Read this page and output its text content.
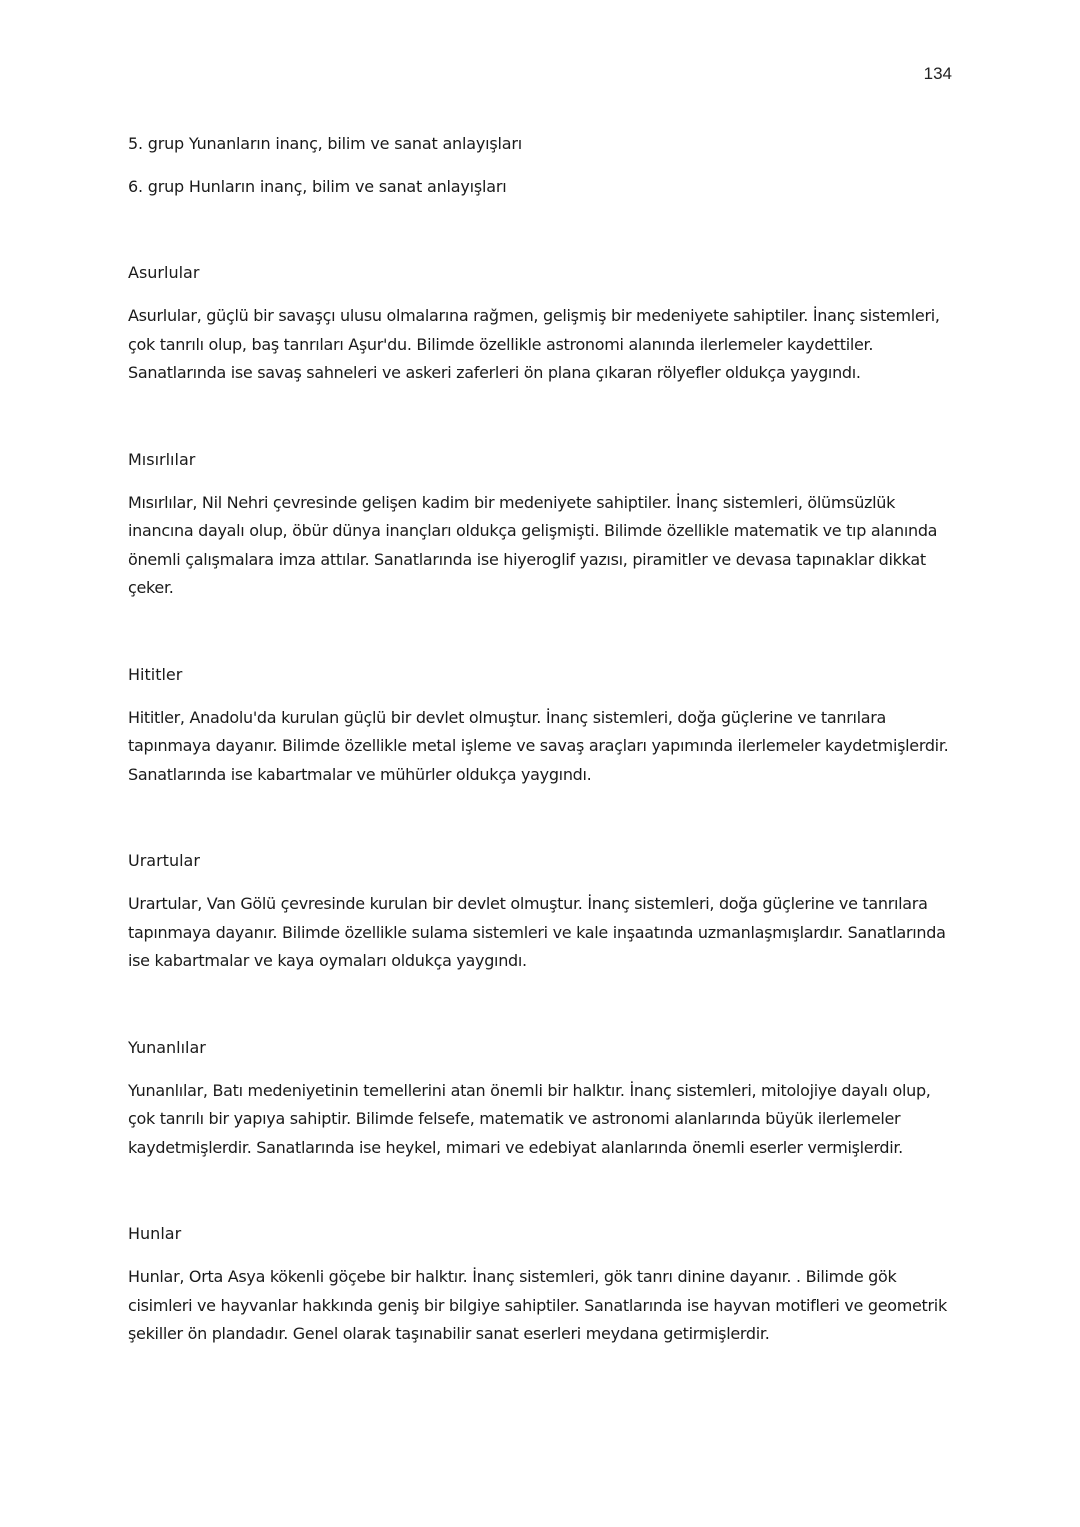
134

5. grup Yunanların inanç, bilim ve sanat anlayışları

6. grup Hunların inanç, bilim ve sanat anlayışları

Asurlular

Asurlular, güçlü bir savaşçı ulusu olmalarına rağmen, gelişmiş bir medeniyete sahiptiler. İnanç sistemleri, çok tanrılı olup, baş tanrıları Aşur'du. Bilimde özellikle astronomi alanında ilerlemeler kaydettiler. Sanatlarında ise savaş sahneleri ve askeri zaferleri ön plana çıkaran rölyefler oldukça yaygındı.

Mısırlılar

Mısırlılar, Nil Nehri çevresinde gelişen kadim bir medeniyete sahiptiler. İnanç sistemleri, ölümsüzlük inancına dayalı olup, öbür dünya inançları oldukça gelişmişti. Bilimde özellikle matematik ve tıp alanında önemli çalışmalara imza attılar. Sanatlarında ise hiyeroglif yazısı, piramitler ve devasa tapınaklar dikkat çeker.

Hititler

Hititler, Anadolu'da kurulan güçlü bir devlet olmuştur. İnanç sistemleri, doğa güçlerine ve tanrılara tapınmaya dayanır. Bilimde özellikle metal işleme ve savaş araçları yapımında ilerlemeler kaydetmişlerdir. Sanatlarında ise kabartmalar ve mühürler oldukça yaygındı.

Urartular

Urartular, Van Gölü çevresinde kurulan bir devlet olmuştur. İnanç sistemleri, doğa güçlerine ve tanrılara tapınmaya dayanır. Bilimde özellikle sulama sistemleri ve kale inşaatında uzmanlaşmışlardır. Sanatlarında ise kabartmalar ve kaya oymaları oldukça yaygındı.

Yunanlılar

Yunanlılar, Batı medeniyetinin temellerini atan önemli bir halktır. İnanç sistemleri, mitolojiye dayalı olup, çok tanrılı bir yapıya sahiptir. Bilimde felsefe, matematik ve astronomi alanlarında büyük ilerlemeler kaydetmişlerdir. Sanatlarında ise heykel, mimari ve edebiyat alanlarında önemli eserler vermişlerdir.

Hunlar

Hunlar, Orta Asya kökenli göçebe bir halktır. İnanç sistemleri, gök tanrı dinine dayanır. . Bilimde gök cisimleri ve hayvanlar hakkında geniş bir bilgiye sahiptiler. Sanatlarında ise hayvan motifleri ve geometrik şekiller ön plandadır. Genel olarak taşınabilir sanat eserleri meydana getirmişlerdir.
